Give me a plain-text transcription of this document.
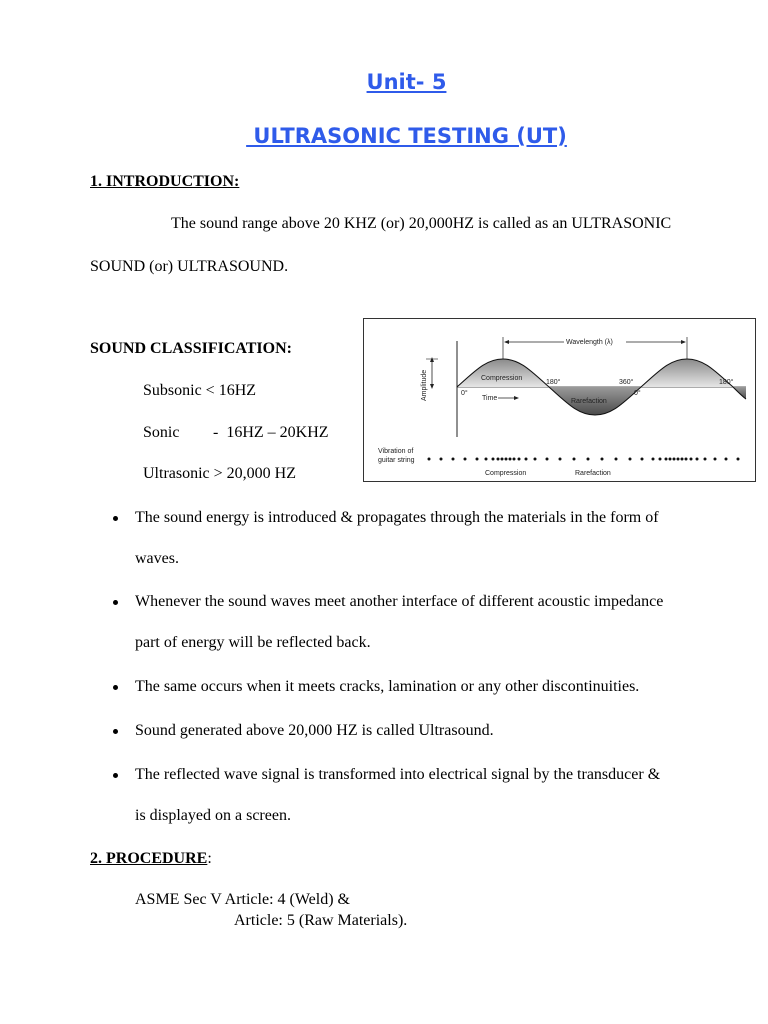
Unit- 5
ULTRASONIC TESTING (UT)
1. INTRODUCTION:
The sound range above 20 KHZ (or) 20,000HZ is called as an ULTRASONIC
SOUND (or) ULTRASOUND.
SOUND CLASSIFICATION:
Subsonic < 16HZ
Sonic -  16HZ – 20KHZ
Ultrasonic > 20,000 HZ
Wavelength (λ)
Amplitude	Compression
Rarefaction
Time
0°
180°	360°
0°
180°
Vibration of
guitar string
Compression	Rarefaction
The sound energy is introduced & propagates through the materials in the form of
waves.
Whenever the sound waves meet another interface of different acoustic impedance
part of energy will be reflected back.
The same occurs when it meets cracks, lamination or any other discontinuities.
Sound generated above 20,000 HZ is called Ultrasound.
The reflected wave signal is transformed into electrical signal by the transducer &
is displayed on a screen.
2. PROCEDURE:
ASME Sec V Article: 4 (Weld) &
Article: 5 (Raw Materials).
